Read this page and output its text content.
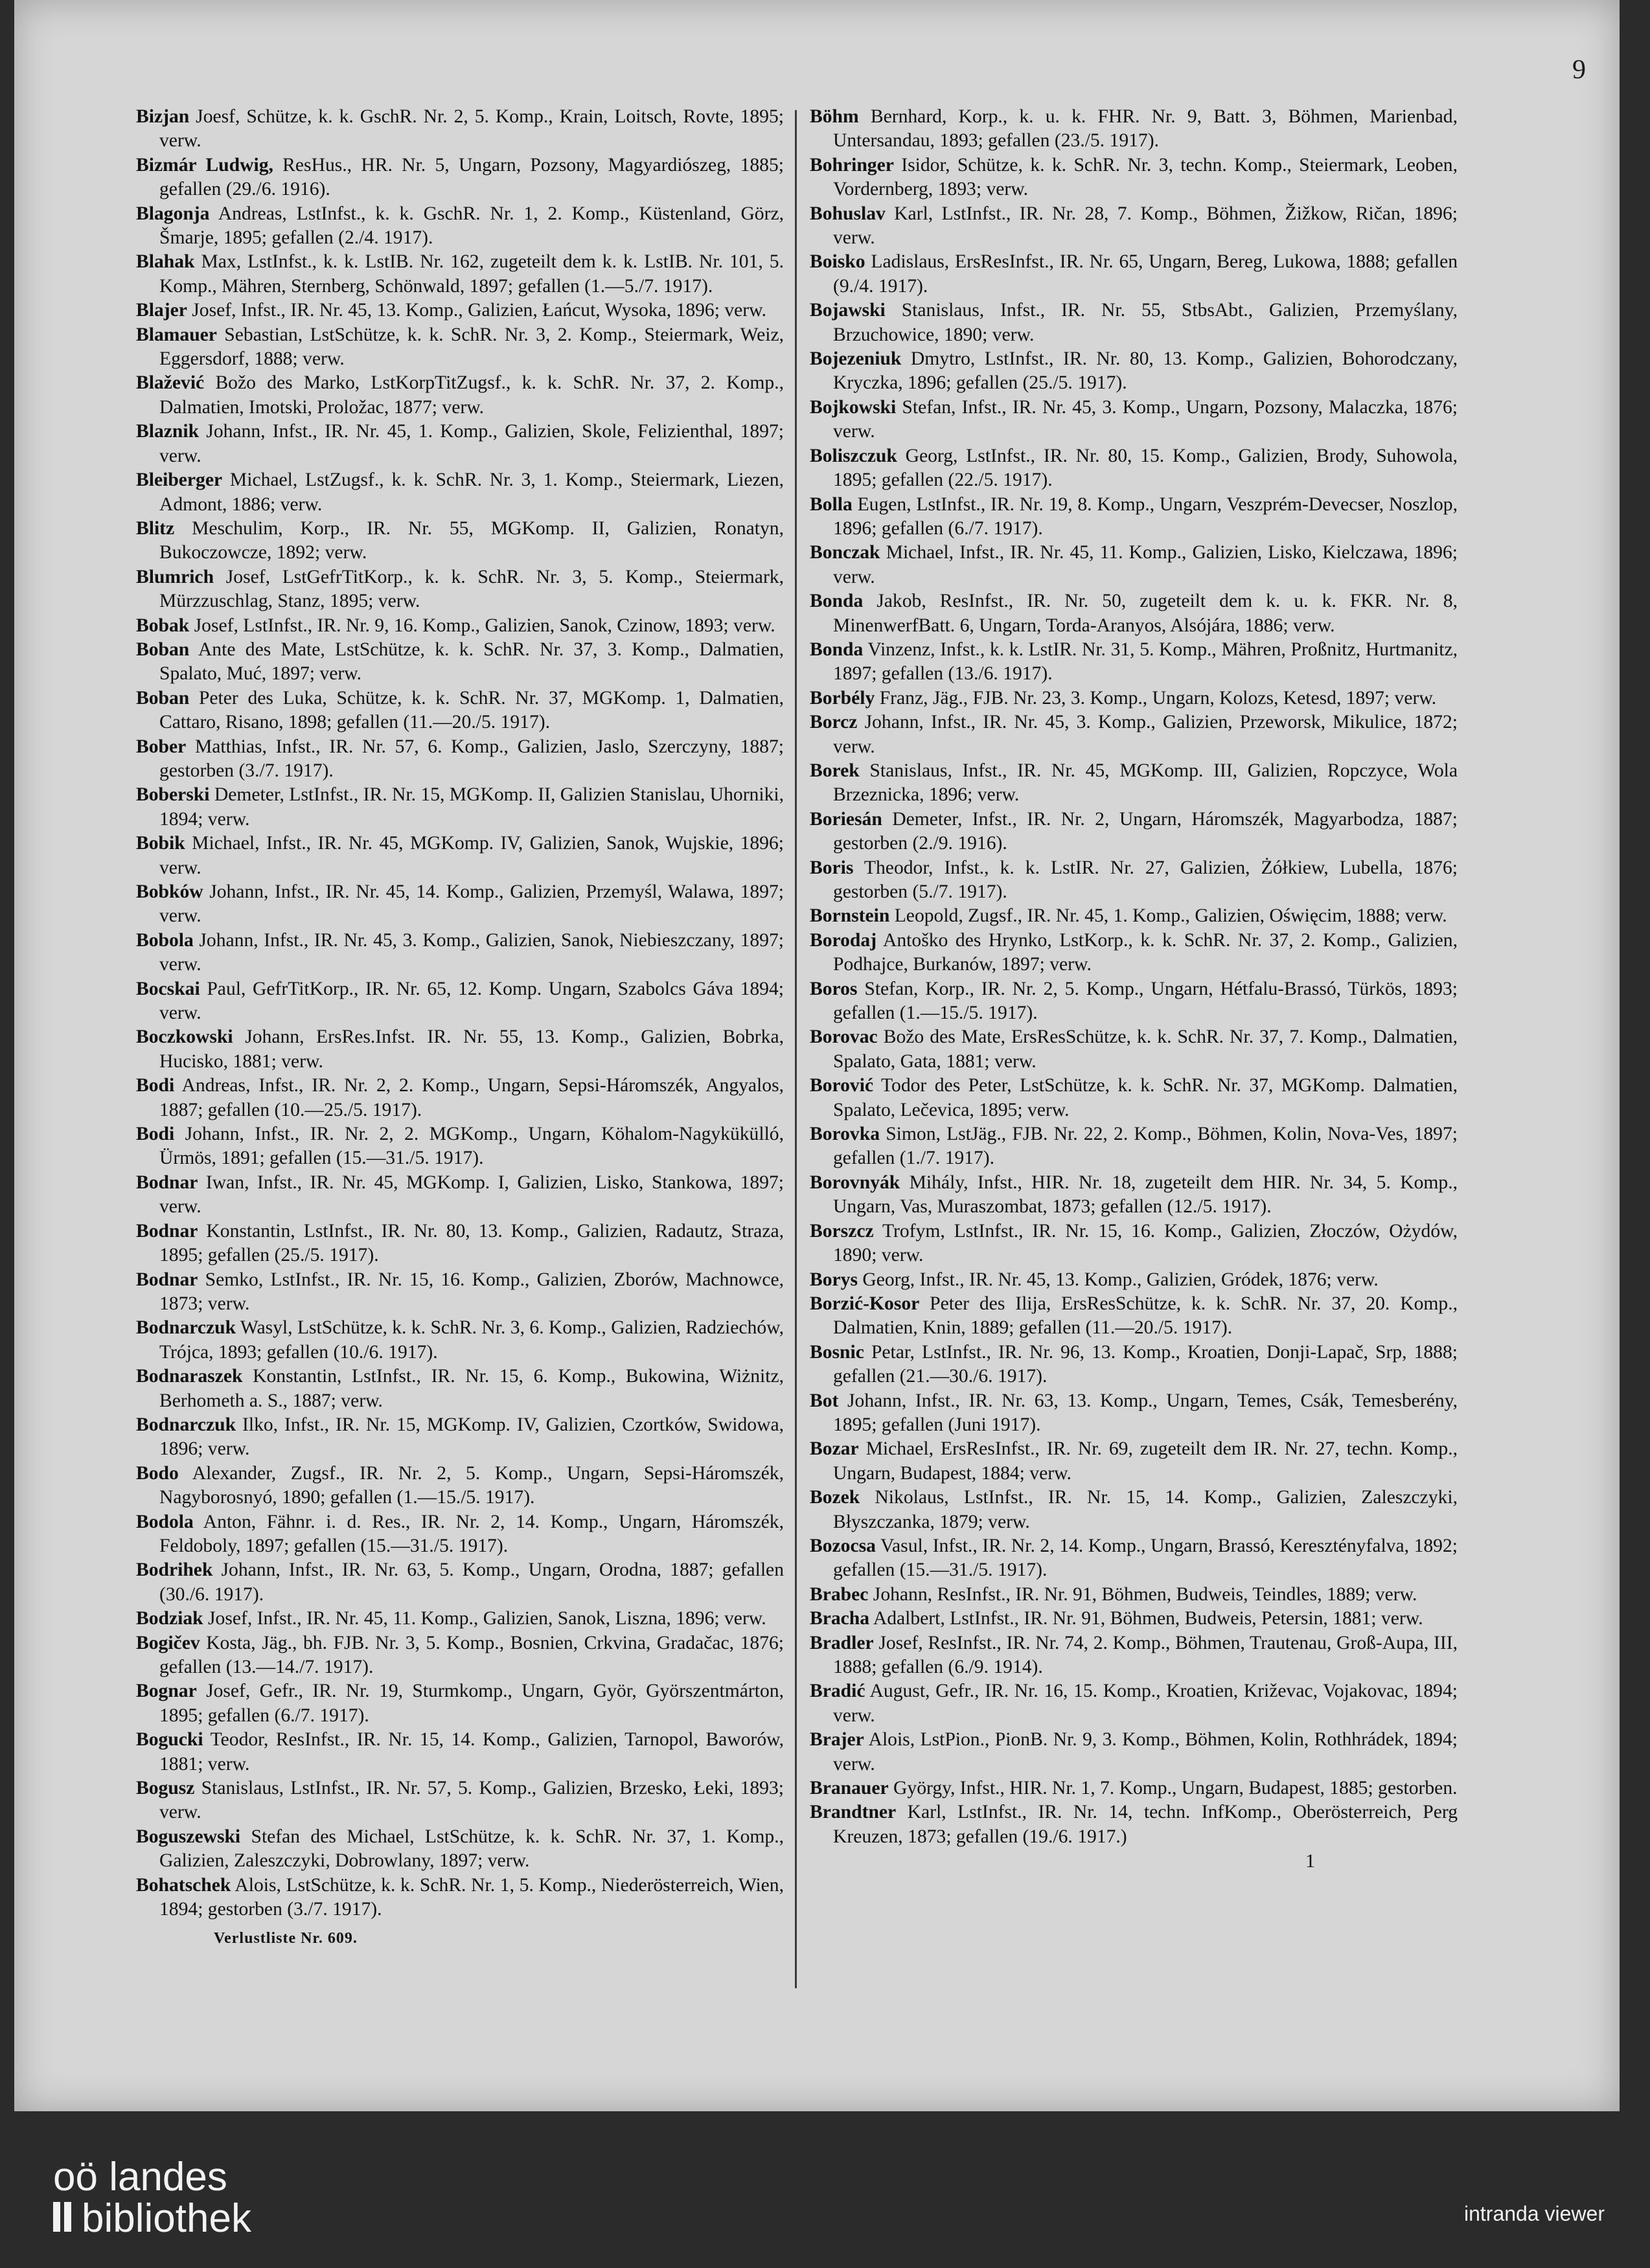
9
Bizjan Joesf, Schütze, k. k. GschR. Nr. 2, 5. Komp., Krain, Loitsch, Rovte, 1895; verw.
Bizmár Ludwig, ResHus., HR. Nr. 5, Ungarn, Pozsony, Magyardiószeg, 1885; gefallen (29./6. 1916).
Blagonja Andreas, LstInfst., k. k. GschR. Nr. 1, 2. Komp., Küstenland, Görz, Šmarje, 1895; gefallen (2./4. 1917).
Blahak Max, LstInfst., k. k. LstIB. Nr. 162, zugeteilt dem k. k. LstIB. Nr. 101, 5. Komp., Mähren, Sternberg, Schönwald, 1897; gefallen (1.—5./7. 1917).
Blajer Josef, Infst., IR. Nr. 45, 13. Komp., Galizien, Łańcut, Wysoka, 1896; verw.
Blamauer Sebastian, LstSchütze, k. k. SchR. Nr. 3, 2. Komp., Steiermark, Weiz, Eggersdorf, 1888; verw.
Blažević Božo des Marko, LstKorpTitZugsf., k. k. SchR. Nr. 37, 2. Komp., Dalmatien, Imotski, Proložac, 1877; verw.
Blaznik Johann, Infst., IR. Nr. 45, 1. Komp., Galizien, Skole, Felizienthal, 1897; verw.
Bleiberger Michael, LstZugsf., k. k. SchR. Nr. 3, 1. Komp., Steiermark, Liezen, Admont, 1886; verw.
Blitz Meschulim, Korp., IR. Nr. 55, MGKomp. II, Galizien, Ronatyn, Bukoczowcze, 1892; verw.
Blumrich Josef, LstGefrTitKorp., k. k. SchR. Nr. 3, 5. Komp., Steiermark, Mürzzuschlag, Stanz, 1895; verw.
Bobak Josef, LstInfst., IR. Nr. 9, 16. Komp., Galizien, Sanok, Czinow, 1893; verw.
Boban Ante des Mate, LstSchütze, k. k. SchR. Nr. 37, 3. Komp., Dalmatien, Spalato, Muć, 1897; verw.
Boban Peter des Luka, Schütze, k. k. SchR. Nr. 37, MGKomp. 1, Dalmatien, Cattaro, Risano, 1898; gefallen (11.—20./5. 1917).
Bober Matthias, Infst., IR. Nr. 57, 6. Komp., Galizien, Jaslo, Szerczyny, 1887; gestorben (3./7. 1917).
Boberski Demeter, LstInfst., IR. Nr. 15, MGKomp. II, Galizien Stanislau, Uhorniki, 1894; verw.
Bobik Michael, Infst., IR. Nr. 45, MGKomp. IV, Galizien, Sanok, Wujskie, 1896; verw.
Bobków Johann, Infst., IR. Nr. 45, 14. Komp., Galizien, Przemyśl, Walawa, 1897; verw.
Bobola Johann, Infst., IR. Nr. 45, 3. Komp., Galizien, Sanok, Niebieszczany, 1897; verw.
Bocskai Paul, GefrTitKorp., IR. Nr. 65, 12. Komp. Ungarn, Szabolcs Gáva 1894; verw.
Boczkowski Johann, ErsRes.Infst. IR. Nr. 55, 13. Komp., Galizien, Bobrka, Hucisko, 1881; verw.
Bodi Andreas, Infst., IR. Nr. 2, 2. Komp., Ungarn, Sepsi-Háromszék, Angyalos, 1887; gefallen (10.—25./5. 1917).
Bodi Johann, Infst., IR. Nr. 2, 2. MGKomp., Ungarn, Köhalom-Nagykükülló, Ürmös, 1891; gefallen (15.—31./5. 1917).
Bodnar Iwan, Infst., IR. Nr. 45, MGKomp. I, Galizien, Lisko, Stankowa, 1897; verw.
Bodnar Konstantin, LstInfst., IR. Nr. 80, 13. Komp., Galizien, Radautz, Straza, 1895; gefallen (25./5. 1917).
Bodnar Semko, LstInfst., IR. Nr. 15, 16. Komp., Galizien, Zborów, Machnowce, 1873; verw.
Bodnarczuk Wasyl, LstSchütze, k. k. SchR. Nr. 3, 6. Komp., Galizien, Radziechów, Trójca, 1893; gefallen (10./6. 1917).
Bodnaraszek Konstantin, LstInfst., IR. Nr. 15, 6. Komp., Bukowina, Wiżnitz, Berhometh a. S., 1887; verw.
Bodnarczuk Ilko, Infst., IR. Nr. 15, MGKomp. IV, Galizien, Czortków, Swidowa, 1896; verw.
Bodo Alexander, Zugsf., IR. Nr. 2, 5. Komp., Ungarn, Sepsi-Háromszék, Nagyborosnyó, 1890; gefallen (1.—15./5. 1917).
Bodola Anton, Fähnr. i. d. Res., IR. Nr. 2, 14. Komp., Ungarn, Háromszék, Feldoboly, 1897; gefallen (15.—31./5. 1917).
Bodrihek Johann, Infst., IR. Nr. 63, 5. Komp., Ungarn, Orodna, 1887; gefallen (30./6. 1917).
Bodziak Josef, Infst., IR. Nr. 45, 11. Komp., Galizien, Sanok, Liszna, 1896; verw.
Bogičev Kosta, Jäg., bh. FJB. Nr. 3, 5. Komp., Bosnien, Crkvina, Gradačac, 1876; gefallen (13.—14./7. 1917).
Bognar Josef, Gefr., IR. Nr. 19, Sturmkomp., Ungarn, Györ, Györszentmárton, 1895; gefallen (6./7. 1917).
Bogucki Teodor, ResInfst., IR. Nr. 15, 14. Komp., Galizien, Tarnopol, Baworów, 1881; verw.
Bogusz Stanislaus, LstInfst., IR. Nr. 57, 5. Komp., Galizien, Brzesko, Łeki, 1893; verw.
Boguszewski Stefan des Michael, LstSchütze, k. k. SchR. Nr. 37, 1. Komp., Galizien, Zaleszczyki, Dobrowlany, 1897; verw.
Bohatschek Alois, LstSchütze, k. k. SchR. Nr. 1, 5. Komp., Niederösterreich, Wien, 1894; gestorben (3./7. 1917).
Verlustliste Nr. 609.
Böhm Bernhard, Korp., k. u. k. FHR. Nr. 9, Batt. 3, Böhmen, Marienbad, Untersandau, 1893; gefallen (23./5. 1917).
Bohringer Isidor, Schütze, k. k. SchR. Nr. 3, techn. Komp., Steiermark, Leoben, Vordernberg, 1893; verw.
Bohuslav Karl, LstInfst., IR. Nr. 28, 7. Komp., Böhmen, Žižkow, Ričan, 1896; verw.
Boisko Ladislaus, ErsResInfst., IR. Nr. 65, Ungarn, Bereg, Lukowa, 1888; gefallen (9./4. 1917).
Bojawski Stanislaus, Infst., IR. Nr. 55, StbsAbt., Galizien, Przemyślany, Brzuchowice, 1890; verw.
Bojezeniuk Dmytro, LstInfst., IR. Nr. 80, 13. Komp., Galizien, Bohorodczany, Kryczka, 1896; gefallen (25./5. 1917).
Bojkowski Stefan, Infst., IR. Nr. 45, 3. Komp., Ungarn, Pozsony, Malaczka, 1876; verw.
Boliszczuk Georg, LstInfst., IR. Nr. 80, 15. Komp., Galizien, Brody, Suhowola, 1895; gefallen (22./5. 1917).
Bolla Eugen, LstInfst., IR. Nr. 19, 8. Komp., Ungarn, Veszprém-Devecser, Noszlop, 1896; gefallen (6./7. 1917).
Bonczak Michael, Infst., IR. Nr. 45, 11. Komp., Galizien, Lisko, Kielczawa, 1896; verw.
Bonda Jakob, ResInfst., IR. Nr. 50, zugeteilt dem k. u. k. FKR. Nr. 8, MinenwerfBatt. 6, Ungarn, Torda-Aranyos, Alsójára, 1886; verw.
Bonda Vinzenz, Infst., k. k. LstIR. Nr. 31, 5. Komp., Mähren, Proßnitz, Hurtmanitz, 1897; gefallen (13./6. 1917).
Borbély Franz, Jäg., FJB. Nr. 23, 3. Komp., Ungarn, Kolozs, Ketesd, 1897; verw.
Borcz Johann, Infst., IR. Nr. 45, 3. Komp., Galizien, Przeworsk, Mikulice, 1872; verw.
Borek Stanislaus, Infst., IR. Nr. 45, MGKomp. III, Galizien, Ropczyce, Wola Brzeznicka, 1896; verw.
Boriesán Demeter, Infst., IR. Nr. 2, Ungarn, Háromszék, Magyarbodza, 1887; gestorben (2./9. 1916).
Boris Theodor, Infst., k. k. LstIR. Nr. 27, Galizien, Żółkiew, Lubella, 1876; gestorben (5./7. 1917).
Bornstein Leopold, Zugsf., IR. Nr. 45, 1. Komp., Galizien, Oświęcim, 1888; verw.
Borodaj Antoško des Hrynko, LstKorp., k. k. SchR. Nr. 37, 2. Komp., Galizien, Podhajce, Burkanów, 1897; verw.
Boros Stefan, Korp., IR. Nr. 2, 5. Komp., Ungarn, Hétfalu-Brassó, Türkös, 1893; gefallen (1.—15./5. 1917).
Borovac Božo des Mate, ErsResSchütze, k. k. SchR. Nr. 37, 7. Komp., Dalmatien, Spalato, Gata, 1881; verw.
Borović Todor des Peter, LstSchütze, k. k. SchR. Nr. 37, MGKomp. Dalmatien, Spalato, Lečevica, 1895; verw.
Borovka Simon, LstJäg., FJB. Nr. 22, 2. Komp., Böhmen, Kolin, Nova-Ves, 1897; gefallen (1./7. 1917).
Borovnyák Mihály, Infst., HIR. Nr. 18, zugeteilt dem HIR. Nr. 34, 5. Komp., Ungarn, Vas, Muraszombat, 1873; gefallen (12./5. 1917).
Borszcz Trofym, LstInfst., IR. Nr. 15, 16. Komp., Galizien, Złoczów, Ożydów, 1890; verw.
Borys Georg, Infst., IR. Nr. 45, 13. Komp., Galizien, Gródek, 1876; verw.
Borzić-Kosor Peter des Ilija, ErsResSchütze, k. k. SchR. Nr. 37, 20. Komp., Dalmatien, Knin, 1889; gefallen (11.—20./5. 1917).
Bosnic Petar, LstInfst., IR. Nr. 96, 13. Komp., Kroatien, Donji-Lapač, Srp, 1888; gefallen (21.—30./6. 1917).
Bot Johann, Infst., IR. Nr. 63, 13. Komp., Ungarn, Temes, Csák, Temesberény, 1895; gefallen (Juni 1917).
Bozar Michael, ErsResInfst., IR. Nr. 69, zugeteilt dem IR. Nr. 27, techn. Komp., Ungarn, Budapest, 1884; verw.
Bozek Nikolaus, LstInfst., IR. Nr. 15, 14. Komp., Galizien, Zaleszczyki, Błyszczanka, 1879; verw.
Bozocsa Vasul, Infst., IR. Nr. 2, 14. Komp., Ungarn, Brassó, Keresztényfalva, 1892; gefallen (15.—31./5. 1917).
Brabec Johann, ResInfst., IR. Nr. 91, Böhmen, Budweis, Teindles, 1889; verw.
Bracha Adalbert, LstInfst., IR. Nr. 91, Böhmen, Budweis, Petersin, 1881; verw.
Bradler Josef, ResInfst., IR. Nr. 74, 2. Komp., Böhmen, Trautenau, Groß-Aupa, III, 1888; gefallen (6./9. 1914).
Bradić August, Gefr., IR. Nr. 16, 15. Komp., Kroatien, Križevac, Vojakovac, 1894; verw.
Brajer Alois, LstPion., PionB. Nr. 9, 3. Komp., Böhmen, Kolin, Rothhrádek, 1894; verw.
Branauer György, Infst., HIR. Nr. 1, 7. Komp., Ungarn, Budapest, 1885; gestorben.
Brandtner Karl, LstInfst., IR. Nr. 14, techn. InfKomp., Oberösterreich, Perg Kreuzen, 1873; gefallen (19./6. 1917.)
1
oö landes
bibliothek	intranda viewer
